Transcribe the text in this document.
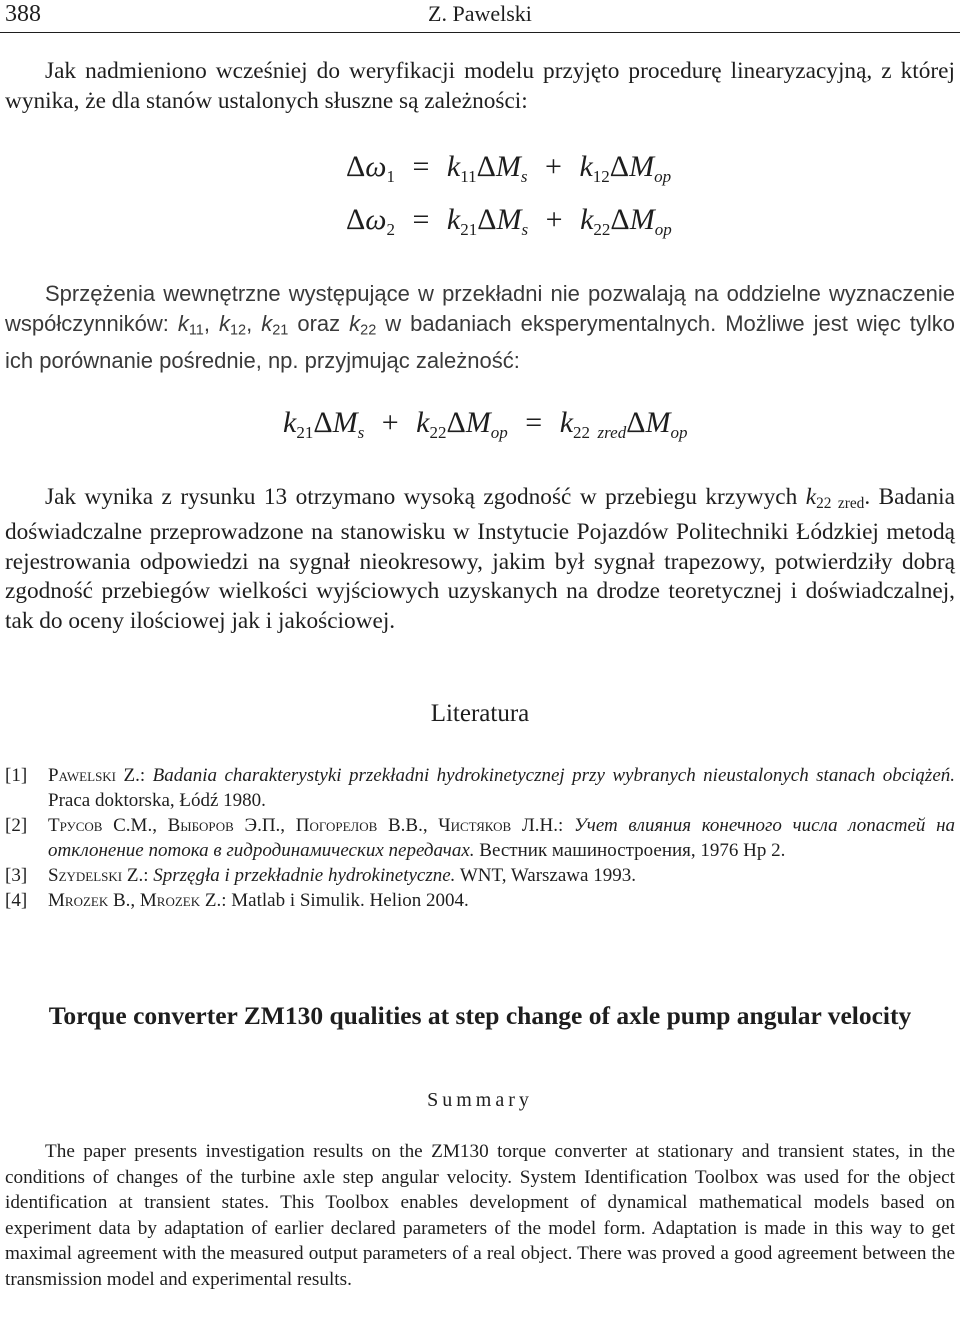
388	Z. Pawelski

Jak nadmieniono wcześniej do weryfikacji modelu przyjęto procedurę linearyzacyjną, z której wynika, że dla stanów ustalonych słuszne są zależności:

$\Delta\omega_1 = k_{11}\Delta M_s + k_{12}\Delta M_{op}$
$\Delta\omega_2 = k_{21}\Delta M_s + k_{22}\Delta M_{op}$

Sprzężenia wewnętrzne występujące w przekładni nie pozwalają na oddzielne wyznaczenie współczynników: $k_{11}$, $k_{12}$, $k_{21}$ oraz $k_{22}$ w badaniach eksperymentalnych. Możliwe jest więc tylko ich porównanie pośrednie, np. przyjmując zależność:

$k_{21}\Delta M_s + k_{22}\Delta M_{op} = k_{22}$ $_{zred}\Delta M_{op}$

Jak wynika z rysunku 13 otrzymano wysoką zgodność w przebiegu krzywych $k_{22 zred}$. Badania doświadczalne przeprowadzone na stanowisku w Instytucie Pojazdów Politechniki Łódzkiej metodą rejestrowania odpowiedzi na sygnał nieokresowy, jakim był sygnał trapezowy, potwierdziły dobrą zgodność przebiegów wielkości wyjściowych uzyskanych na drodze teoretycznej i doświadczalnej, tak do oceny ilościowej jak i jakościowej.

Literatura
[1] Pawelski Z.: Badania charakterystyki przekładni hydrokinetycznej przy wybranych nieustalonych stanach obciążeń. Praca doktorska, Łódź 1980.
[2] Трусов С.М., Выборов Э.П., Погорелов В.В., Чистяков Л.Н.: Учет влияния конечного числа лопастей на отклонение потока в гидродинамических передачах. Вестник машиностроения, 1976 Нр 2.
[3] Szydelski Z.: Sprzęgła i przekładnie hydrokinetyczne. WNT, Warszawa 1993.
[4] Mrozek B., Mrozek Z.: Matlab i Simulik. Helion 2004.
Torque converter ZM130 qualities at step change of axle pump angular velocity
Summary

The paper presents investigation results on the ZM130 torque converter at stationary and transient states, in the conditions of changes of the turbine axle step angular velocity. System Identification Toolbox was used for the object identification at transient states. This Toolbox enables development of dynamical mathematical models based on experiment data by adaptation of earlier declared parameters of the model form. Adaptation is made in this way to get maximal agreement with the measured output parameters of a real object. There was proved a good agreement between the transmission model and experimental results.
